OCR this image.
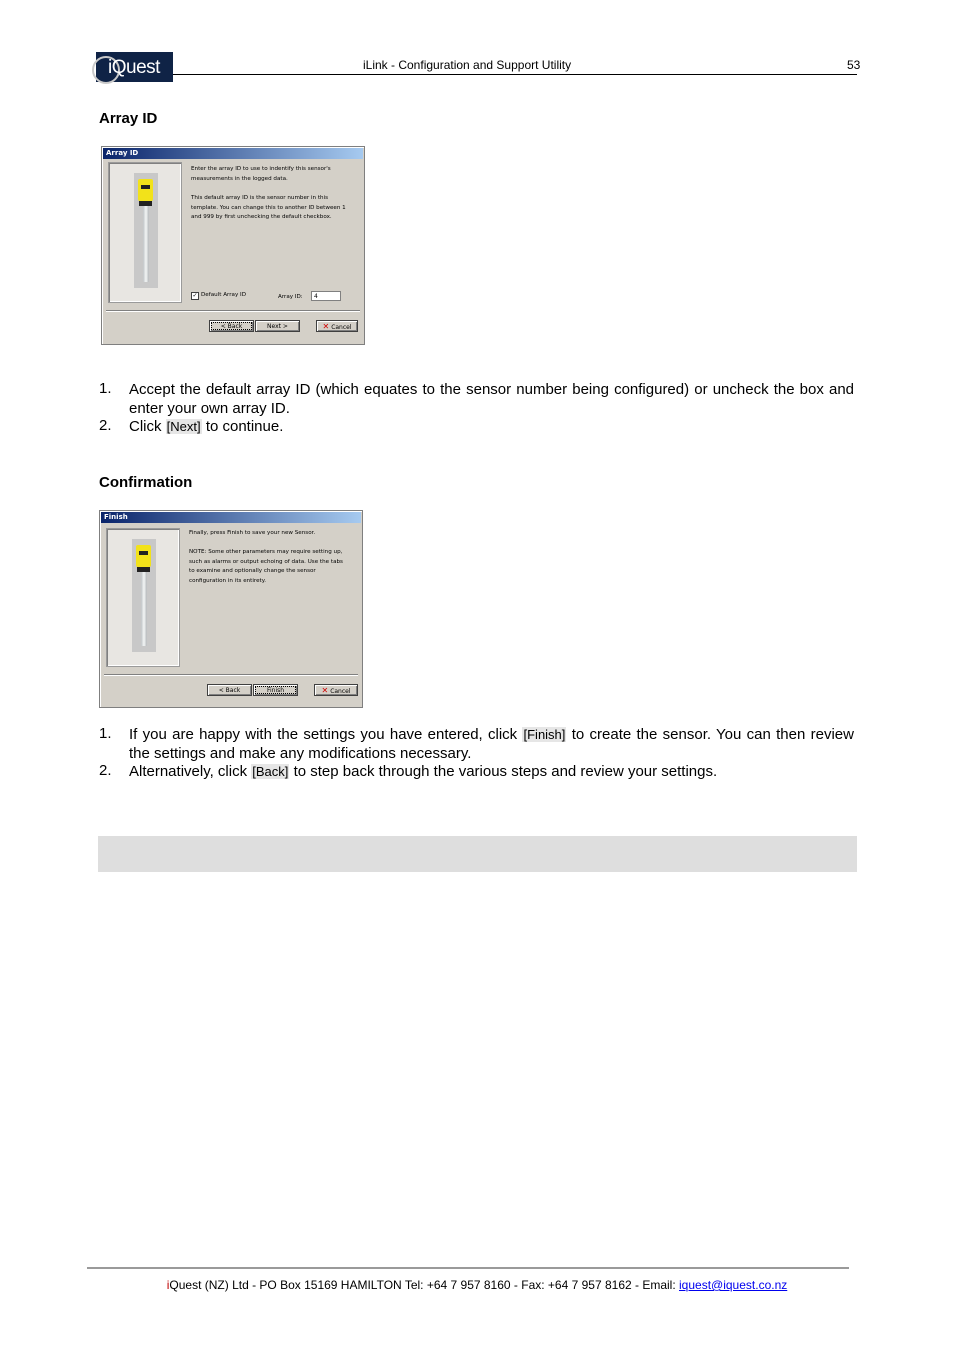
iQuest	iLink - Configuration and Support Utility	53
Array ID
Array ID
Enter the array ID to use to indentify this sensor's measurements in the logged data.
This default array ID is the sensor number in this template. You can change this to another ID between 1 and 999 by first unchecking the default checkbox.
✓ Default Array ID	Array ID:	4
< Back	Next >	✕ Cancel
1. Accept the default array ID (which equates to the sensor number being configured) or uncheck the box and enter your own array ID.
2. Click [Next] to continue.
Confirmation
Finish
Finally, press Finish to save your new Sensor.
NOTE: Some other parameters may require setting up, such as alarms or output echoing of data. Use the tabs to examine and optionally change the sensor configuration in its entirety.
< Back	Finish	✕ Cancel
1. If you are happy with the settings you have entered, click [Finish] to create the sensor. You can then review the settings and make any modifications necessary.
2. Alternatively, click [Back] to step back through the various steps and review your settings.
iQuest (NZ) Ltd - PO Box 15169 HAMILTON Tel: +64 7 957 8160 - Fax: +64 7 957 8162 - Email: iquest@iquest.co.nz
